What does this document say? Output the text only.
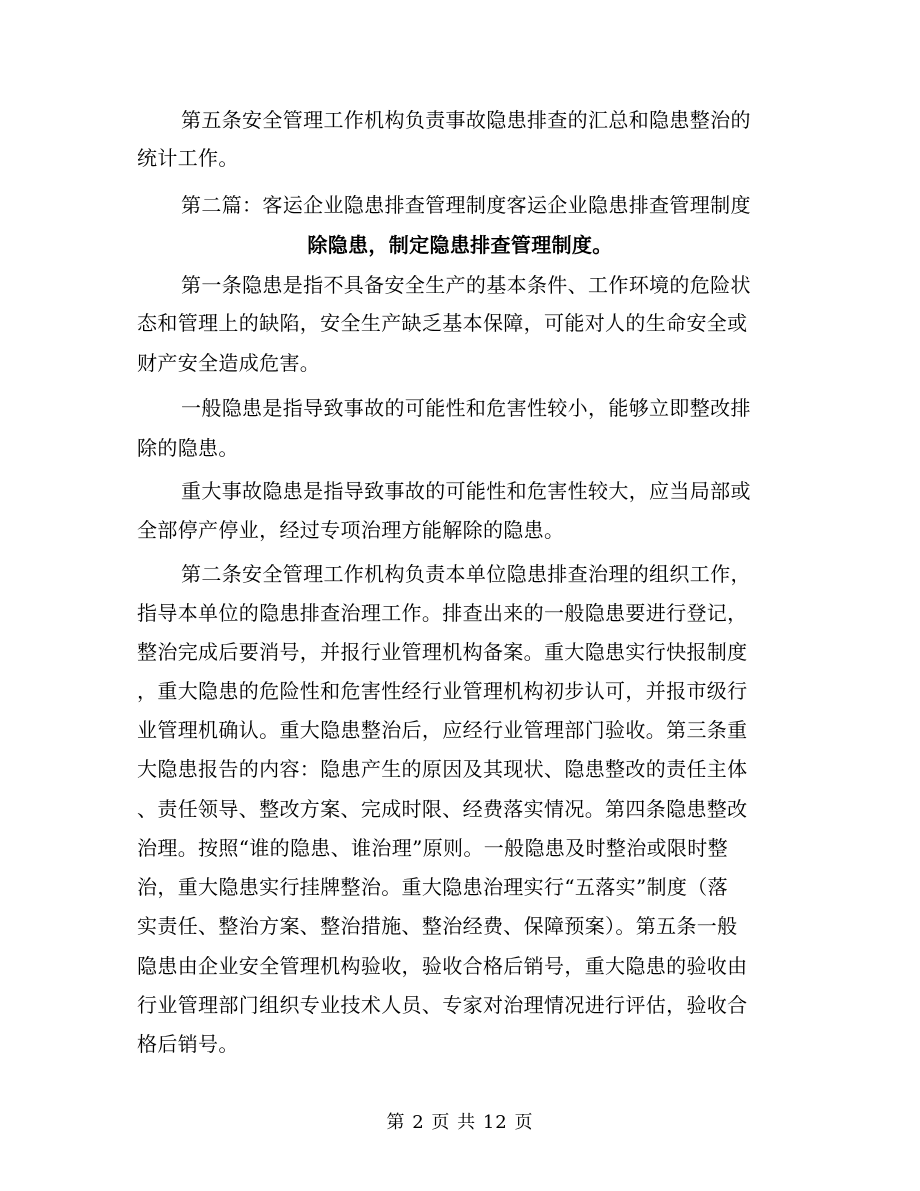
第五条安全管理工作机构负责事故隐患排查的汇总和隐患整治的

统计工作。

第二篇：客运企业隐患排查管理制度客运企业隐患排查管理制度

除隐患，制定隐患排查管理制度。

第一条隐患是指不具备安全生产的基本条件、工作环境的危险状

态和管理上的缺陷，安全生产缺乏基本保障，可能对人的生命安全或

财产安全造成危害。

一般隐患是指导致事故的可能性和危害性较小，能够立即整改排

除的隐患。

重大事故隐患是指导致事故的可能性和危害性较大，应当局部或

全部停产停业，经过专项治理方能解除的隐患。

第二条安全管理工作机构负责本单位隐患排查治理的组织工作，

指导本单位的隐患排查治理工作。排查出来的一般隐患要进行登记，

整治完成后要消号，并报行业管理机构备案。重大隐患实行快报制度

，重大隐患的危险性和危害性经行业管理机构初步认可，并报市级行

业管理机确认。重大隐患整治后，应经行业管理部门验收。第三条重

大隐患报告的内容：隐患产生的原因及其现状、隐患整改的责任主体

、责任领导、整改方案、完成时限、经费落实情况。第四条隐患整改

治理。按照“谁的隐患、谁治理”原则。一般隐患及时整治或限时整

治，重大隐患实行挂牌整治。重大隐患治理实行“五落实”制度（落

实责任、整治方案、整治措施、整治经费、保障预案）。第五条一般

隐患由企业安全管理机构验收，验收合格后销号，重大隐患的验收由

行业管理部门组织专业技术人员、专家对治理情况进行评估，验收合

格后销号。

第 2 页 共 12 页
